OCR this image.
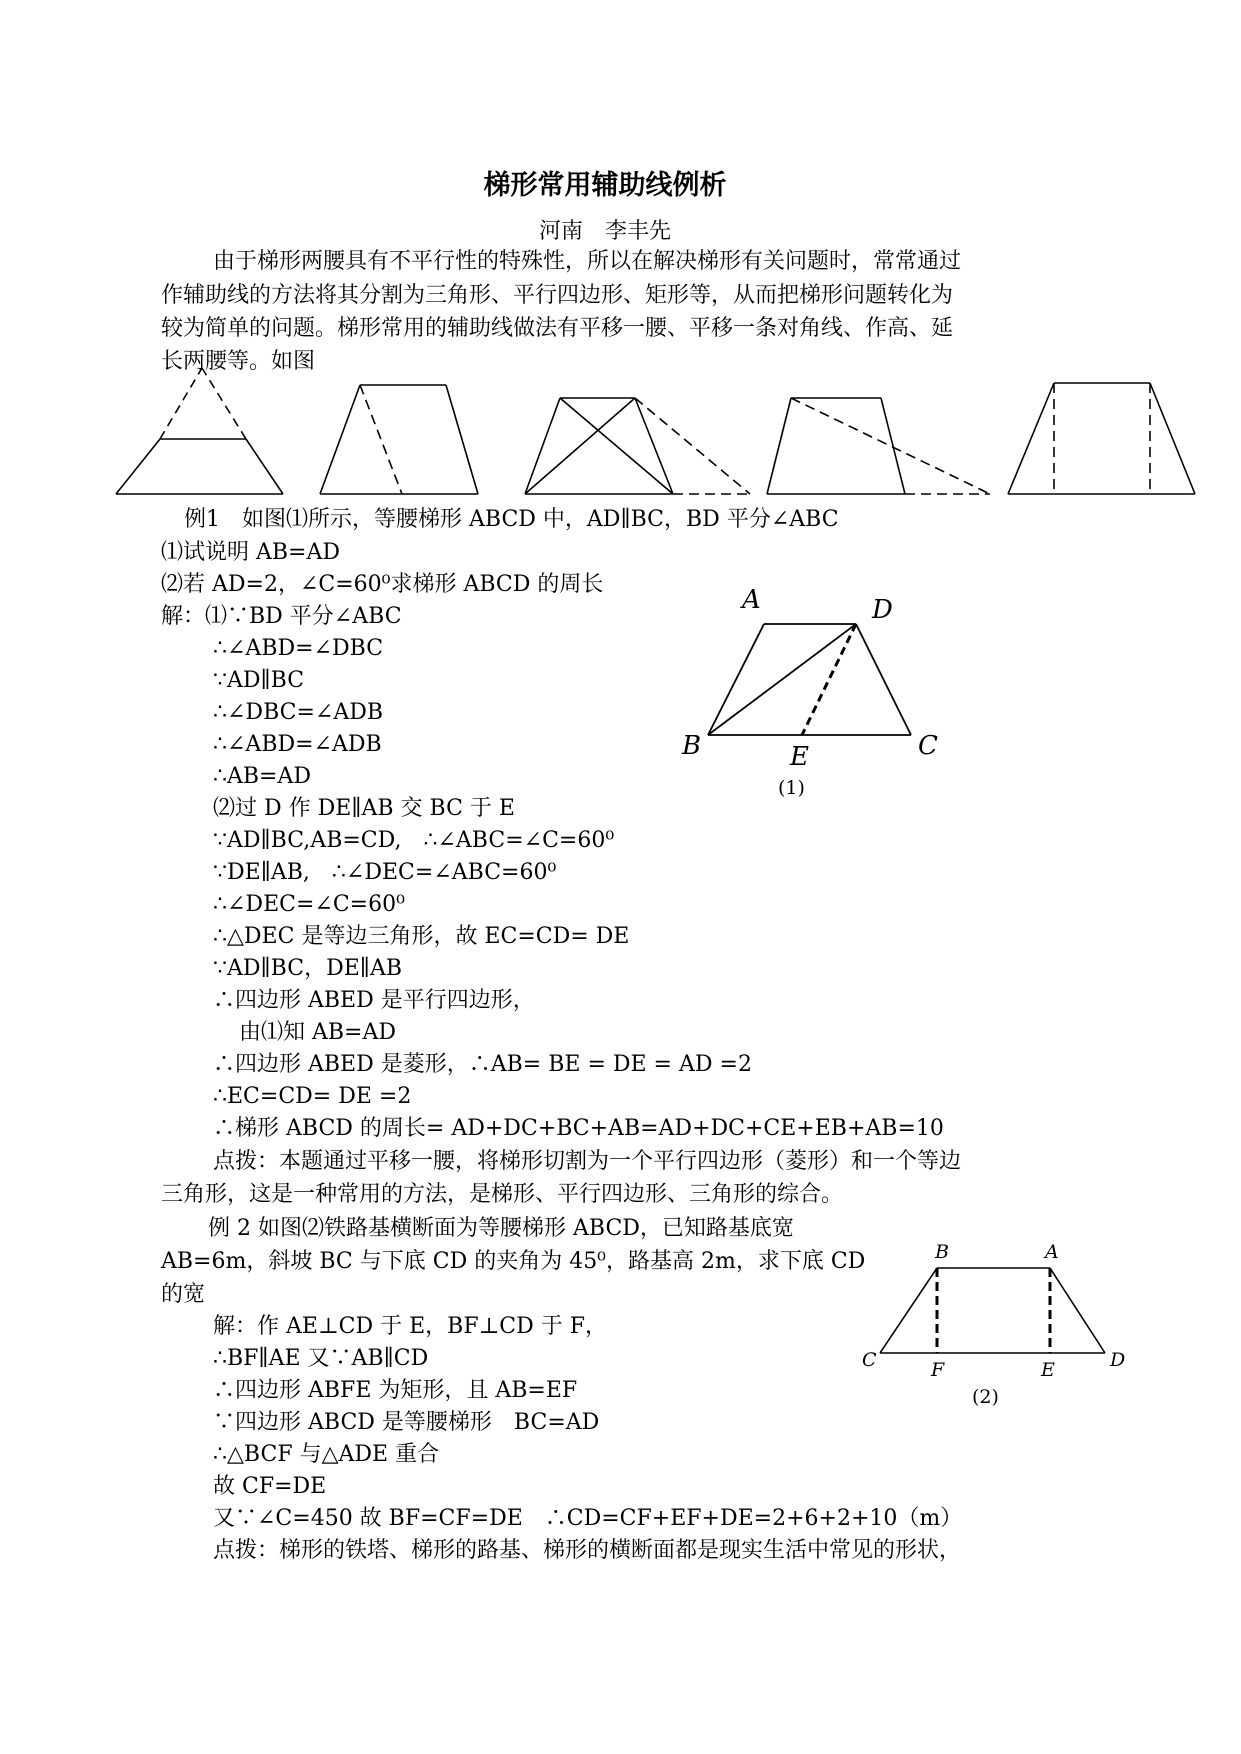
梯形常用辅助线例析
河南　李丰先
由于梯形两腰具有不平行性的特殊性，所以在解决梯形有关问题时，常常通过
作辅助线的方法将其分割为三角形、平行四边形、矩形等，从而把梯形问题转化为
较为简单的问题。梯形常用的辅助线做法有平移一腰、平移一条对角线、作高、延
长两腰等。如图
例1　如图⑴所示，等腰梯形 ABCD 中，AD∥BC，BD 平分∠ABC
⑴试说明 AB=AD
⑵若 AD=2，∠C=60⁰求梯形 ABCD 的周长
解：⑴∵BD 平分∠ABC
∴∠ABD=∠DBC
∵AD∥BC
∴∠DBC=∠ADB
∴∠ABD=∠ADB
∴AB=AD
⑵过 D 作 DE∥AB 交 BC 于 E
∵AD∥BC,AB=CD,　∴∠ABC=∠C=60⁰
∵DE∥AB,　∴∠DEC=∠ABC=60⁰
∴∠DEC=∠C=60⁰
∴△DEC 是等边三角形，故 EC=CD= DE
∵AD∥BC，DE∥AB
∴四边形 ABED 是平行四边形，
由⑴知 AB=AD
∴四边形 ABED 是菱形，∴AB= BE = DE = AD =2
∴EC=CD= DE =2
∴梯形 ABCD 的周长= AD+DC+BC+AB=AD+DC+CE+EB+AB=10
点拨：本题通过平移一腰，将梯形切割为一个平行四边形（菱形）和一个等边
三角形，这是一种常用的方法，是梯形、平行四边形、三角形的综合。
A	D
B	E	C
(1)
例 2 如图⑵铁路基横断面为等腰梯形 ABCD，已知路基底宽
AB=6m，斜坡 BC 与下底 CD 的夹角为 45⁰，路基高 2m，求下底 CD
的宽
解：作 AE⊥CD 于 E，BF⊥CD 于 F，
∴BF∥AE 又∵AB∥CD
∴四边形 ABFE 为矩形，且 AB=EF
∵四边形 ABCD 是等腰梯形　BC=AD
∴△BCF 与△ADE 重合
故 CF=DE
又∵∠C=450 故 BF=CF=DE　∴CD=CF+EF+DE=2+6+2+10（m）
点拨：梯形的铁塔、梯形的路基、梯形的横断面都是现实生活中常见的形状，
B	A
C	F	E	D
(2)
